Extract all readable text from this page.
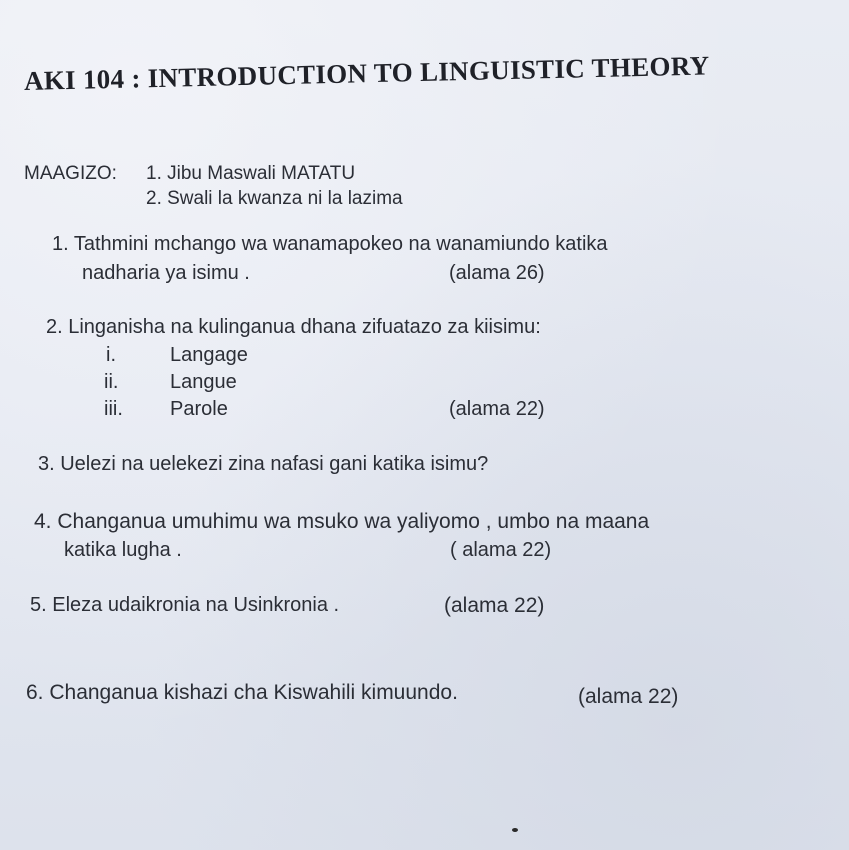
AKI 104 : INTRODUCTION TO LINGUISTIC THEORY
MAAGIZO: 1. Jibu Maswali MATATU
2. Swali la kwanza ni la lazima
1. Tathmini mchango wa wanamapokeo na wanamiundo katika
nadharia ya isimu .	(alama 26)
2. Linganisha na kulinganua dhana zifuatazo za kiisimu:
i.	Langage
ii.	Langue
iii. Parole	(alama 22)
3. Uelezi na uelekezi zina nafasi gani katika isimu?
4. Changanua umuhimu wa msuko wa yaliyomo , umbo na maana
katika lugha .	( alama 22)
5. Eleza udaikronia na Usinkronia .	(alama 22)
6. Changanua kishazi cha Kiswahili kimuundo.	(alama 22)
